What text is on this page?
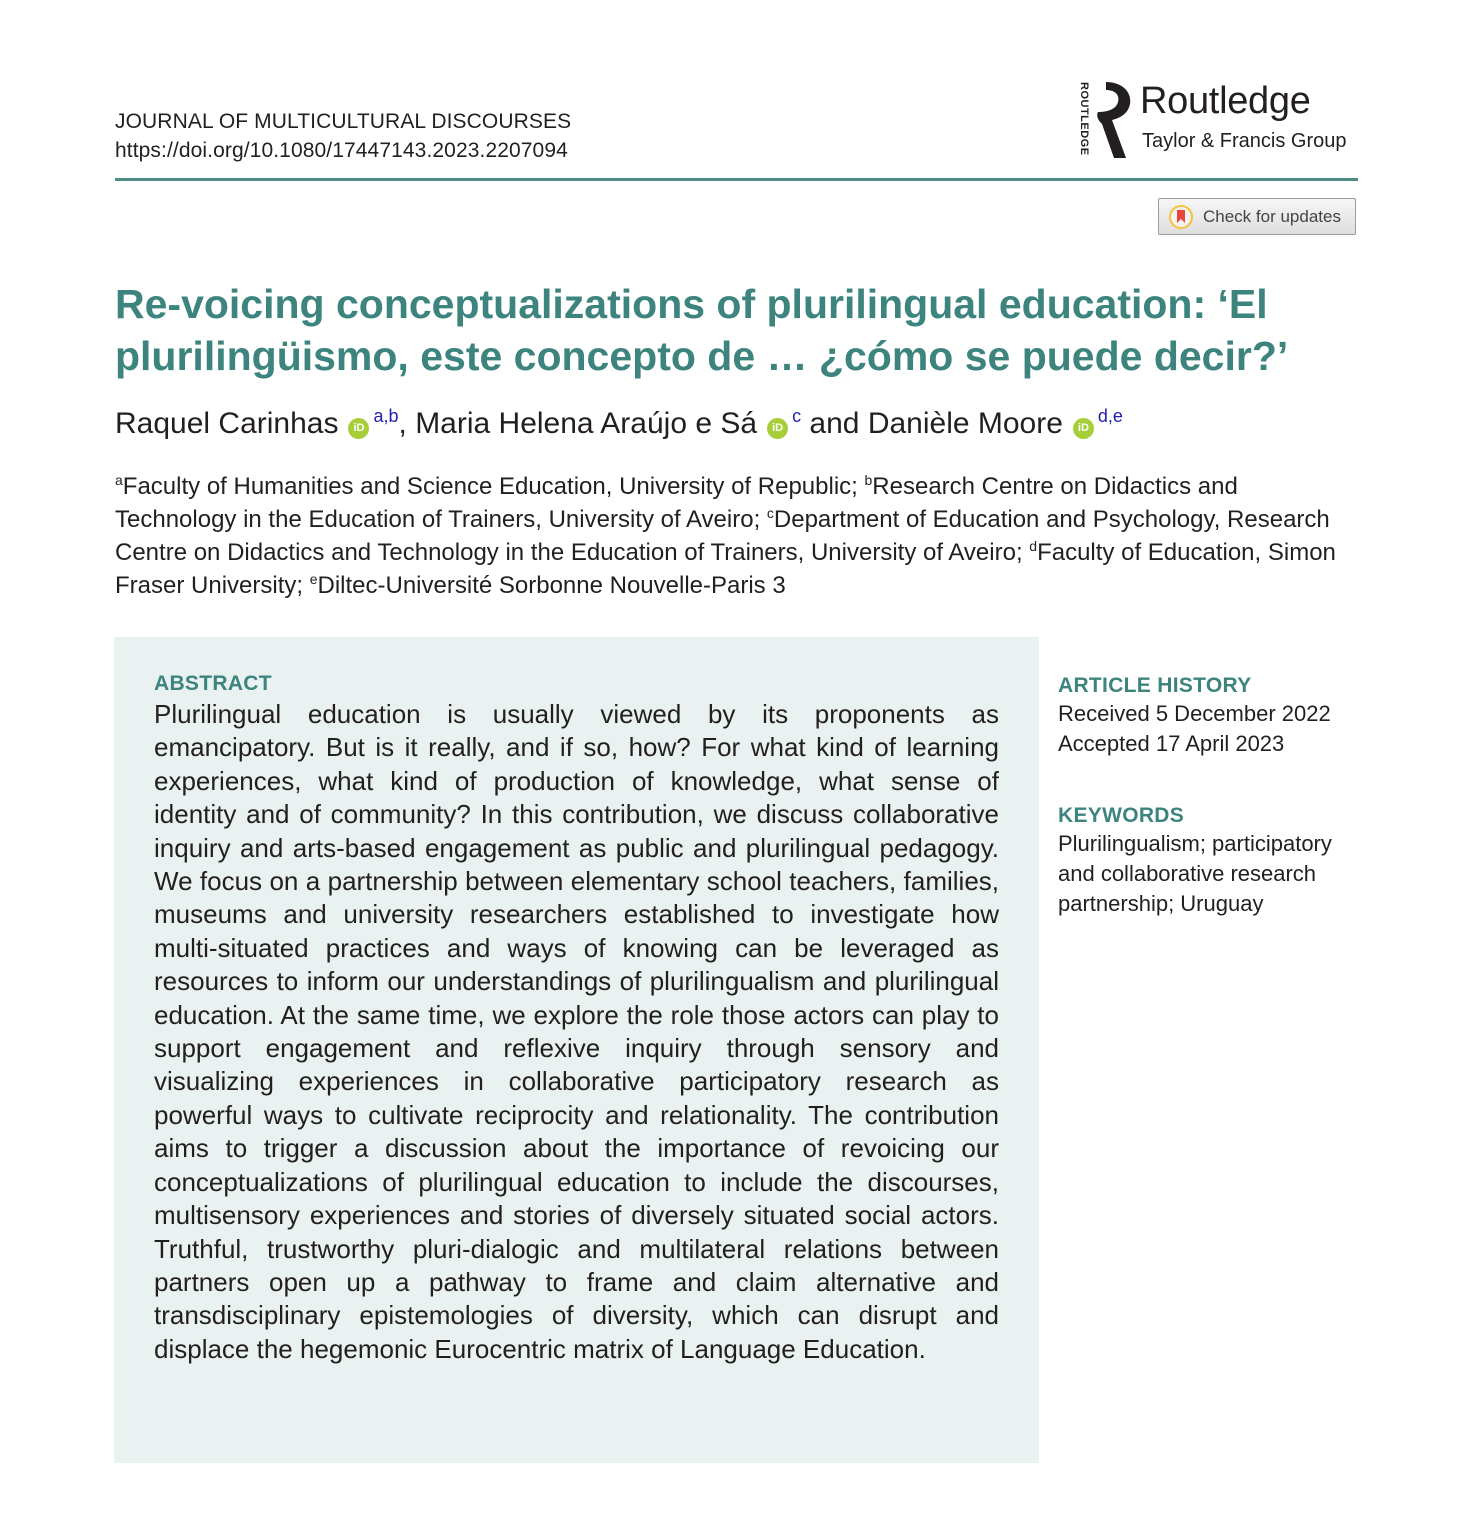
JOURNAL OF MULTICULTURAL DISCOURSES
https://doi.org/10.1080/17447143.2023.2207094	ROUTLEDGE Routledge
Taylor & Francis Group
Check for updates
Re-voicing conceptualizations of plurilingual education: ‘El plurilingüismo, este concepto de … ¿cómo se puede decir?’
Raquel Carinhas iD$^{a,b}$, Maria Helena Araújo e Sá $iD^c$ and Danièle Moore iD$^{d,e}$
$^a$Faculty of Humanities and Science Education, University of Republic; $^b$Research Centre on Didactics and Technology in the Education of Trainers, University of Aveiro; $^c$Department of Education and Psychology, Research Centre on Didactics and Technology in the Education of Trainers, University of Aveiro; $^d$Faculty of Education, Simon Fraser University; $^e$Diltec-Université Sorbonne Nouvelle-Paris 3
ABSTRACT

Plurilingual education is usually viewed by its proponents as emancipatory. But is it really, and if so, how? For what kind of learning experiences, what kind of production of knowledge, what sense of identity and of community? In this contribution, we discuss collaborative inquiry and arts-based engagement as public and plurilingual pedagogy. We focus on a partnership between elementary school teachers, families, museums and university researchers established to investigate how multi-situated practices and ways of knowing can be leveraged as resources to inform our understandings of plurilingualism and plurilingual education. At the same time, we explore the role those actors can play to support engagement and reflexive inquiry through sensory and visualizing experiences in collaborative participatory research as powerful ways to cultivate reciprocity and relationality. The contribution aims to trigger a discussion about the importance of revoicing our conceptualizations of plurilingual education to include the discourses, multisensory experiences and stories of diversely situated social actors. Truthful, trustworthy pluri-dialogic and multilateral relations between partners open up a pathway to frame and claim alternative and transdisciplinary epistemologies of diversity, which can disrupt and displace the hegemonic Eurocentric matrix of Language Education.

ARTICLE HISTORY
Received 5 December 2022
Accepted 17 April 2023
KEYWORDS
Plurilingualism; participatory
and collaborative research
partnership; Uruguay
